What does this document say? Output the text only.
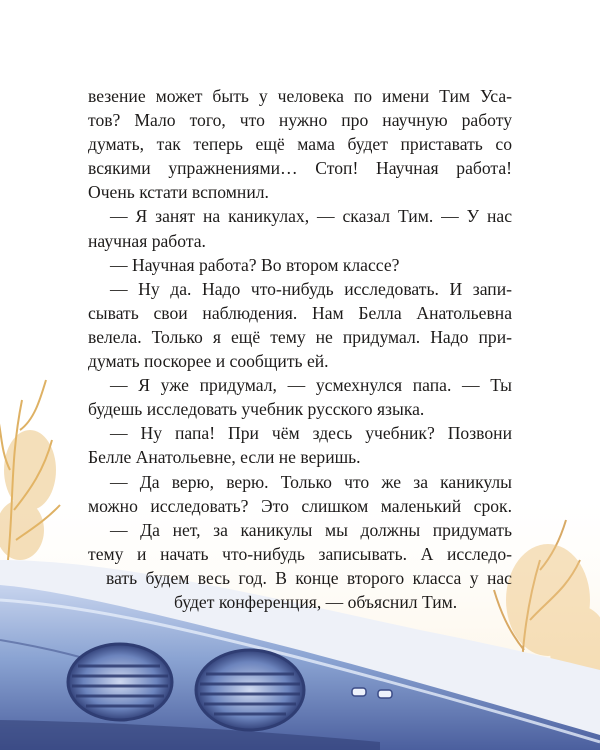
везение может быть у человека по имени Тим Уса-
тов? Мало того, что нужно про научную работу
думать, так теперь ещё мама будет приставать со
всякими упражнениями… Стоп! Научная работа!
Очень кстати вспомнил.
— Я занят на каникулах, — сказал Тим. — У нас
научная работа.
— Научная работа? Во втором классе?
— Ну да. Надо что-нибудь исследовать. И запи-
сывать свои наблюдения. Нам Белла Анатольевна
велела. Только я ещё тему не придумал. Надо при-
думать поскорее и сообщить ей.
— Я уже придумал, — усмехнулся папа. — Ты
будешь исследовать учебник русского языка.
— Ну папа! При чём здесь учебник? Позвони
Белле Анатольевне, если не веришь.
— Да верю, верю. Только что же за каникулы
можно исследовать? Это слишком маленький срок.
— Да нет, за каникулы мы должны придумать
тему и начать что-нибудь записывать. А исследо-
вать будем весь год. В конце второго класса у нас
будет конференция, — объяснил Тим.
